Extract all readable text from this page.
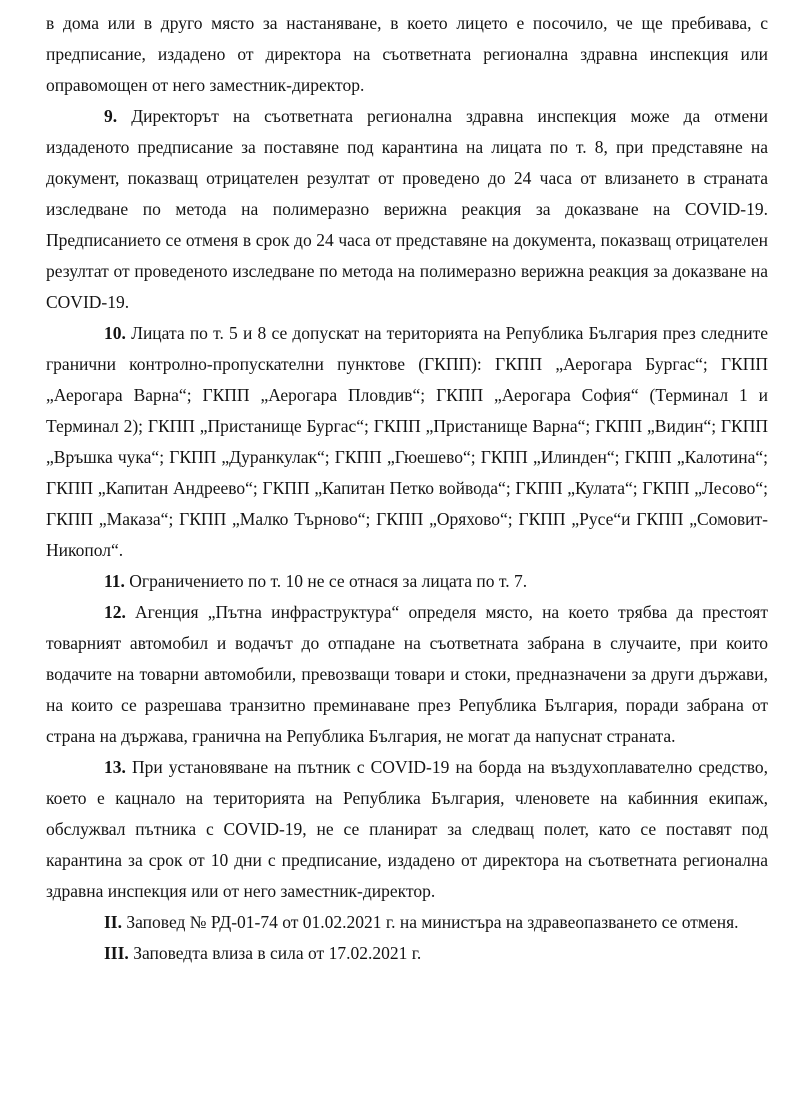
в дома или в друго място за настаняване, в което лицето е посочило, че ще пребивава, с предписание, издадено от директора на съответната регионална здравна инспекция или оправомощен от него заместник-директор.

9. Директорът на съответната регионална здравна инспекция може да отмени издаденото предписание за поставяне под карантина на лицата по т. 8, при представяне на документ, показващ отрицателен резултат от проведено до 24 часа от влизането в страната изследване по метода на полимеразно верижна реакция за доказване на COVID-19. Предписанието се отменя в срок до 24 часа от представяне на документа, показващ отрицателен резултат от проведеното изследване по метода на полимеразно верижна реакция за доказване на COVID-19.

10. Лицата по т. 5 и 8 се допускат на територията на Република България през следните гранични контролно-пропускателни пунктове (ГКПП): ГКПП „Аерогара Бургас“; ГКПП „Аерогара Варна“; ГКПП „Аерогара Пловдив“; ГКПП „Аерогара София“ (Терминал 1 и Терминал 2); ГКПП „Пристанище Бургас“; ГКПП „Пристанище Варна“; ГКПП „Видин“; ГКПП „Връшка чука“; ГКПП „Дуранкулак“; ГКПП „Гюешево“; ГКПП „Илинден“; ГКПП „Калотина“; ГКПП „Капитан Андреево“; ГКПП „Капитан Петко войвода“; ГКПП „Кулата“; ГКПП „Лесово“; ГКПП „Маказа“; ГКПП „Малко Търново“; ГКПП „Оряхово“; ГКПП „Русе“и ГКПП „Сомовит-Никопол“.

11. Ограничението по т. 10 не се отнася за лицата по т. 7.

12. Агенция „Пътна инфраструктура“ определя място, на което трябва да престоят товарният автомобил и водачът до отпадане на съответната забрана в случаите, при които водачите на товарни автомобили, превозващи товари и стоки, предназначени за други държави, на които се разрешава транзитно преминаване през Република България, поради забрана от страна на държава, гранична на Република България, не могат да напуснат страната.

13. При установяване на пътник с COVID-19 на борда на въздухоплавателно средство, което е кацнало на територията на Република България, членовете на кабинния екипаж, обслужвал пътника с COVID-19, не се планират за следващ полет, като се поставят под карантина за срок от 10 дни с предписание, издадено от директора на съответната регионална здравна инспекция или от него заместник-директор.

II. Заповед № РД-01-74 от 01.02.2021 г. на министъра на здравеопазването се отменя.

III. Заповедта влиза в сила от 17.02.2021 г.
